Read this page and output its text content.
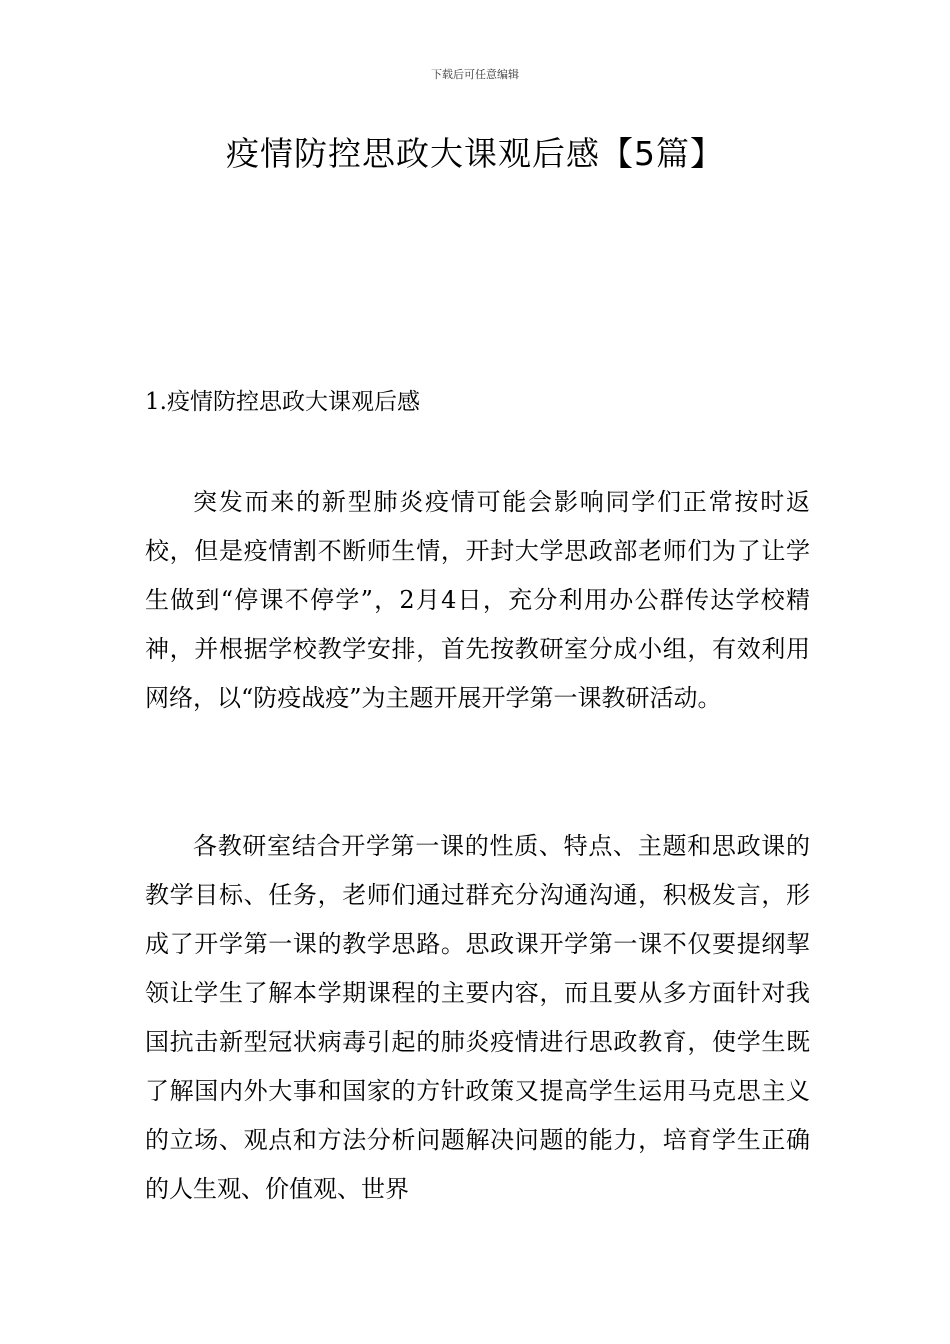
下载后可任意编辑
疫情防控思政大课观后感【5篇】
1.疫情防控思政大课观后感

突发而来的新型肺炎疫情可能会影响同学们正常按时返校，但是疫情割不断师生情，开封大学思政部老师们为了让学生做到“停课不停学”，2月4日，充分利用办公群传达学校精神，并根据学校教学安排，首先按教研室分成小组，有效利用网络，以“防疫战疫”为主题开展开学第一课教研活动。

各教研室结合开学第一课的性质、特点、主题和思政课的教学目标、任务，老师们通过群充分沟通沟通，积极发言，形成了开学第一课的教学思路。思政课开学第一课不仅要提纲挈领让学生了解本学期课程的主要内容，而且要从多方面针对我国抗击新型冠状病毒引起的肺炎疫情进行思政教育，使学生既了解国内外大事和国家的方针政策又提高学生运用马克思主义的立场、观点和方法分析问题解决问题的能力，培育学生正确的人生观、价值观、世界
